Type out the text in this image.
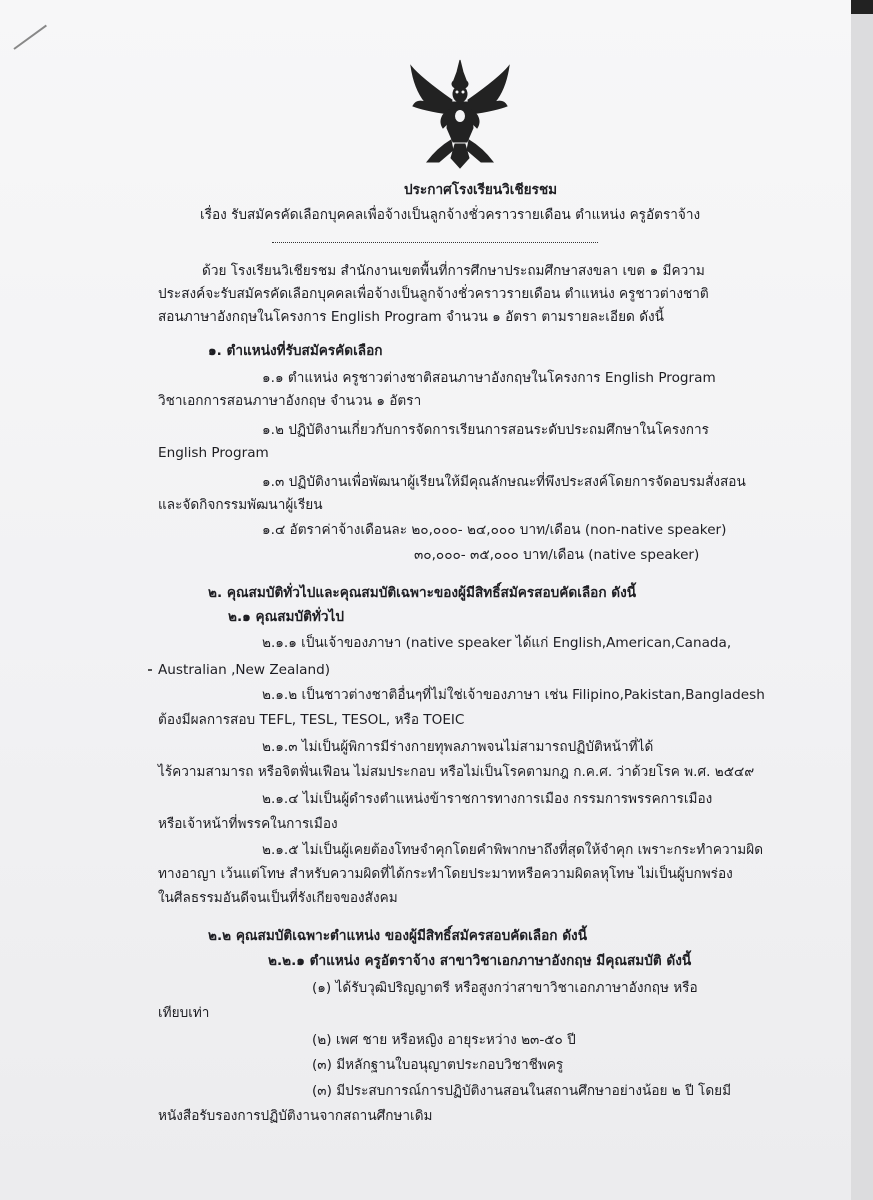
ประกาศโรงเรียนวิเชียรชม
เรื่อง รับสมัครคัดเลือกบุคคลเพื่อจ้างเป็นลูกจ้างชั่วคราวรายเดือน ตำแหน่ง ครูอัตราจ้าง
ด้วย โรงเรียนวิเชียรชม สำนักงานเขตพื้นที่การศึกษาประถมศึกษาสงขลา เขต ๑ มีความ
ประสงค์จะรับสมัครคัดเลือกบุคคลเพื่อจ้างเป็นลูกจ้างชั่วคราวรายเดือน ตำแหน่ง ครูชาวต่างชาติ
สอนภาษาอังกฤษในโครงการ English Program จำนวน ๑ อัตรา ตามรายละเอียด ดังนี้
๑. ตำแหน่งที่รับสมัครคัดเลือก
๑.๑ ตำแหน่ง ครูชาวต่างชาติสอนภาษาอังกฤษในโครงการ English Program
วิชาเอกการสอนภาษาอังกฤษ จำนวน ๑ อัตรา
๑.๒ ปฏิบัติงานเกี่ยวกับการจัดการเรียนการสอนระดับประถมศึกษาในโครงการ
English Program
๑.๓ ปฏิบัติงานเพื่อพัฒนาผู้เรียนให้มีคุณลักษณะที่พึงประสงค์โดยการจัดอบรมสั่งสอน
และจัดกิจกรรมพัฒนาผู้เรียน
๑.๔ อัตราค่าจ้างเดือนละ ๒๐,๐๐๐- ๒๔,๐๐๐ บาท/เดือน (non-native speaker)
๓๐,๐๐๐- ๓๕,๐๐๐ บาท/เดือน (native speaker)
๒. คุณสมบัติทั่วไปและคุณสมบัติเฉพาะของผู้มีสิทธิ์สมัครสอบคัดเลือก ดังนี้
๒.๑ คุณสมบัติทั่วไป
๒.๑.๑ เป็นเจ้าของภาษา (native speaker ได้แก่ English,American,Canada,
Australian ,New Zealand)
๒.๑.๒ เป็นชาวต่างชาติอื่นๆที่ไม่ใช่เจ้าของภาษา เช่น Filipino,Pakistan,Bangladesh
ต้องมีผลการสอบ TEFL, TESL, TESOL, หรือ TOEIC
๒.๑.๓ ไม่เป็นผู้พิการมีร่างกายทุพลภาพจนไม่สามารถปฏิบัติหน้าที่ได้
ไร้ความสามารถ หรือจิตฟั่นเฟือน ไม่สมประกอบ หรือไม่เป็นโรคตามกฎ ก.ค.ศ. ว่าด้วยโรค พ.ศ. ๒๕๔๙
๒.๑.๔ ไม่เป็นผู้ดำรงตำแหน่งข้าราชการทางการเมือง กรรมการพรรคการเมือง
หรือเจ้าหน้าที่พรรคในการเมือง
๒.๑.๕ ไม่เป็นผู้เคยต้องโทษจำคุกโดยคำพิพากษาถึงที่สุดให้จำคุก เพราะกระทำความผิด
ทางอาญา เว้นแต่โทษ สำหรับความผิดที่ได้กระทำโดยประมาทหรือความผิดลหุโทษ ไม่เป็นผู้บกพร่อง
ในศีลธรรมอันดีจนเป็นที่รังเกียจของสังคม
๒.๒ คุณสมบัติเฉพาะตำแหน่ง ของผู้มีสิทธิ์สมัครสอบคัดเลือก ดังนี้
๒.๒.๑ ตำแหน่ง ครูอัตราจ้าง สาขาวิชาเอกภาษาอังกฤษ มีคุณสมบัติ ดังนี้
(๑) ได้รับวุฒิปริญญาตรี หรือสูงกว่าสาขาวิชาเอกภาษาอังกฤษ หรือ
เทียบเท่า
(๒) เพศ ชาย หรือหญิง อายุระหว่าง ๒๓-๕๐ ปี
(๓) มีหลักฐานใบอนุญาตประกอบวิชาชีพครู
(๓) มีประสบการณ์การปฏิบัติงานสอนในสถานศึกษาอย่างน้อย ๒ ปี โดยมี
หนังสือรับรองการปฏิบัติงานจากสถานศึกษาเดิม
